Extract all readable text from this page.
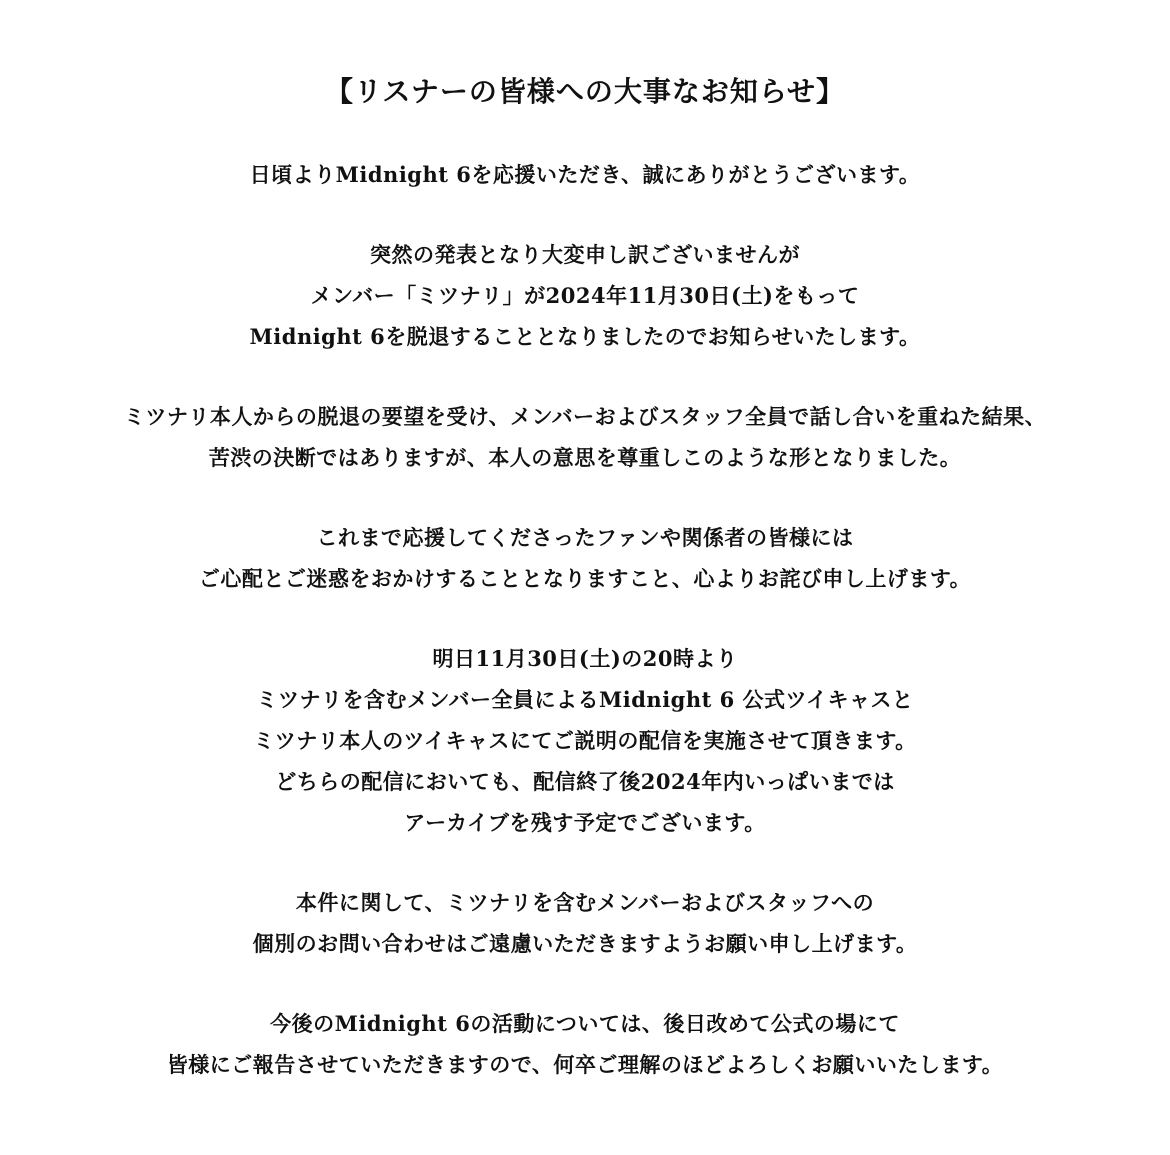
【リスナーの皆様への大事なお知らせ】
日頃よりMidnight 6を応援いただき、誠にありがとうございます。
突然の発表となり大変申し訳ございませんが
メンバー「ミツナリ」が2024年11月30日(土)をもって
Midnight 6を脱退することとなりましたのでお知らせいたします。
ミツナリ本人からの脱退の要望を受け、メンバーおよびスタッフ全員で話し合いを重ねた結果、
苦渋の決断ではありますが、本人の意思を尊重しこのような形となりました。
これまで応援してくださったファンや関係者の皆様には
ご心配とご迷惑をおかけすることとなりますこと、心よりお詫び申し上げます。
明日11月30日(土)の20時より
ミツナリを含むメンバー全員によるMidnight 6 公式ツイキャスと
ミツナリ本人のツイキャスにてご説明の配信を実施させて頂きます。
どちらの配信においても、配信終了後2024年内いっぱいまでは
アーカイブを残す予定でございます。
本件に関して、ミツナリを含むメンバーおよびスタッフへの
個別のお問い合わせはご遠慮いただきますようお願い申し上げます。
今後のMidnight 6の活動については、後日改めて公式の場にて
皆様にご報告させていただきますので、何卒ご理解のほどよろしくお願いいたします。
